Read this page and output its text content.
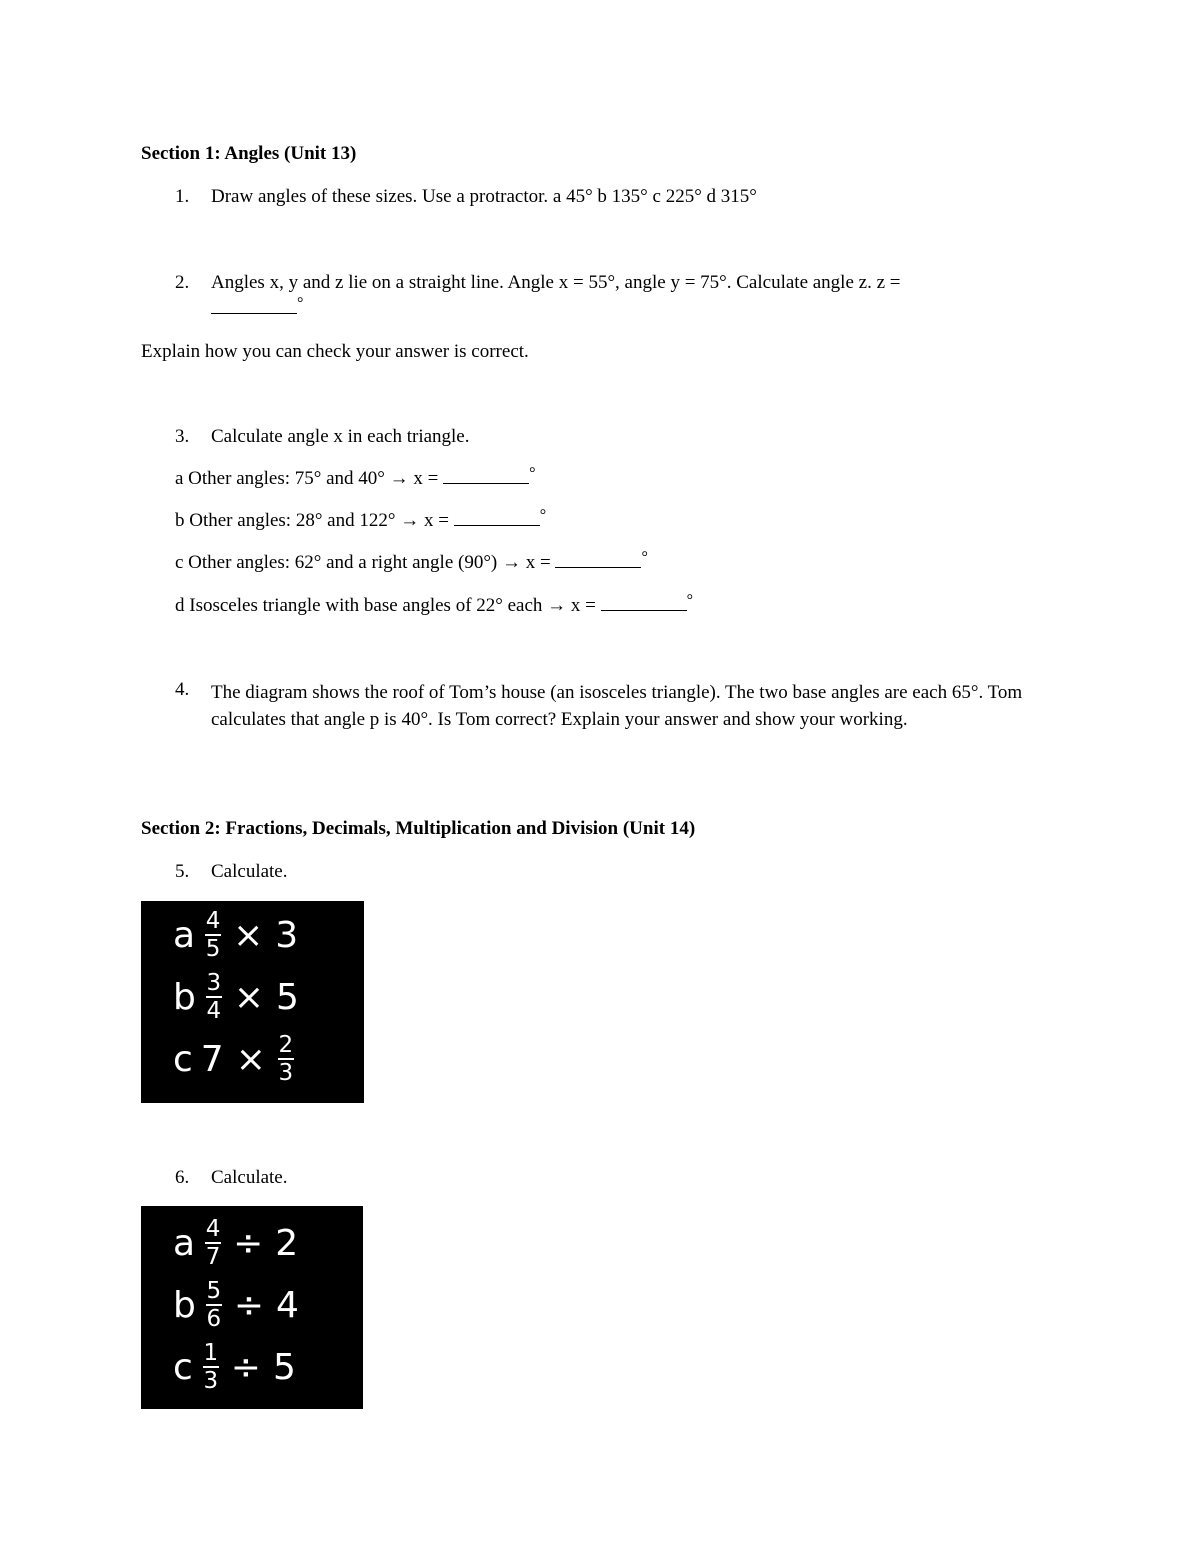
Section 1: Angles (Unit 13)
1. Draw angles of these sizes. Use a protractor. a 45° b 135° c 225° d 315°
2. Angles x, y and z lie on a straight line. Angle x = 55°, angle y = 75°. Calculate angle z. z =
°
Explain how you can check your answer is correct.
3. Calculate angle x in each triangle.
a Other angles: 75° and 40° → x =	°
b Other angles: 28° and 122° → x =	°
c Other angles: 62° and a right angle (90°) → x =	°
d Isosceles triangle with base angles of 22° each → x =	°
4. The diagram shows the roof of Tom’s house (an isosceles triangle). The two base angles are each 65°. Tom calculates that angle p is 40°. Is Tom correct? Explain your answer and show your working.
Section 2: Fractions, Decimals, Multiplication and Division (Unit 14)
5. Calculate.
a $\frac{4}{5} \times 3$
b $\frac{3}{4} \times 5$
c $7 \times \frac{2}{3}$
6. Calculate.
a $\frac{4}{7} \div 2$
b $\frac{5}{6} \div 4$
c $\frac{1}{3} \div 5$
